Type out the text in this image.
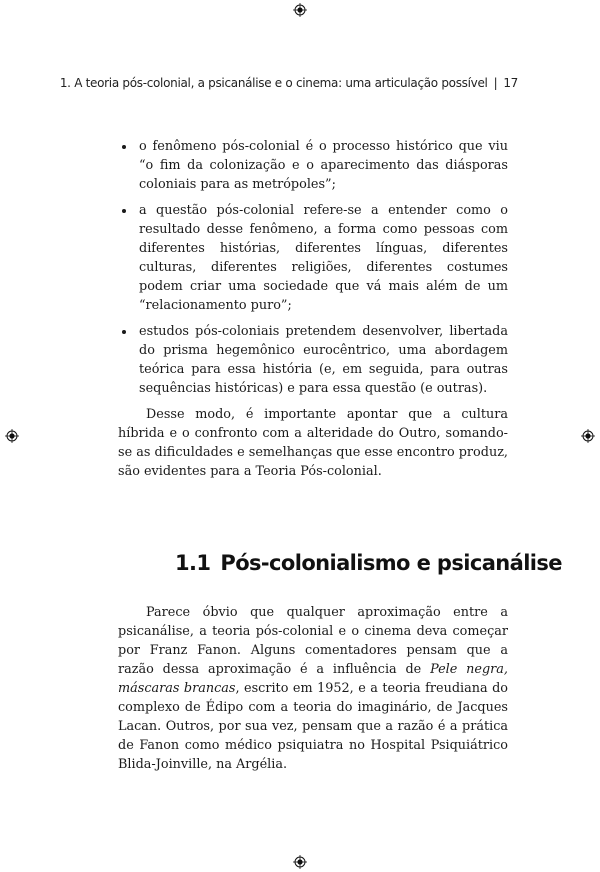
1. A teoria pós-colonial, a psicanálise e o cinema: uma articulação possível | 17
o fenômeno pós-colonial é o processo histórico que viu “o fim da colonização e o aparecimento das diásporas coloniais para as metrópoles”;
a questão pós-colonial refere-se a entender como o resultado desse fenômeno, a forma como pessoas com diferentes histórias, diferentes línguas, diferentes culturas, diferentes religiões, diferentes costumes podem criar uma sociedade que vá mais além de um “relacionamento puro”;
estudos pós-coloniais pretendem desenvolver, libertada do prisma hegemônico eurocêntrico, uma abordagem teórica para essa história (e, em seguida, para outras sequências históricas) e para essa questão (e outras).

Desse modo, é importante apontar que a cultura híbrida e o confronto com a alteridade do Outro, somando-se as dificuldades e semelhanças que esse encontro produz, são evidentes para a Teoria Pós-colonial.

1.1 Pós-colonialismo e psicanálise

Parece óbvio que qualquer aproximação entre a psicanálise, a teoria pós-colonial e o cinema deva começar por Franz Fanon. Alguns comentadores pensam que a razão dessa aproximação é a influência de Pele negra, máscaras brancas, escrito em 1952, e a teoria freudiana do complexo de Édipo com a teoria do imaginário, de Jacques Lacan. Outros, por sua vez, pensam que a razão é a prática de Fanon como médico psiquiatra no Hospital Psiquiátrico Blida-Joinville, na Argélia.
